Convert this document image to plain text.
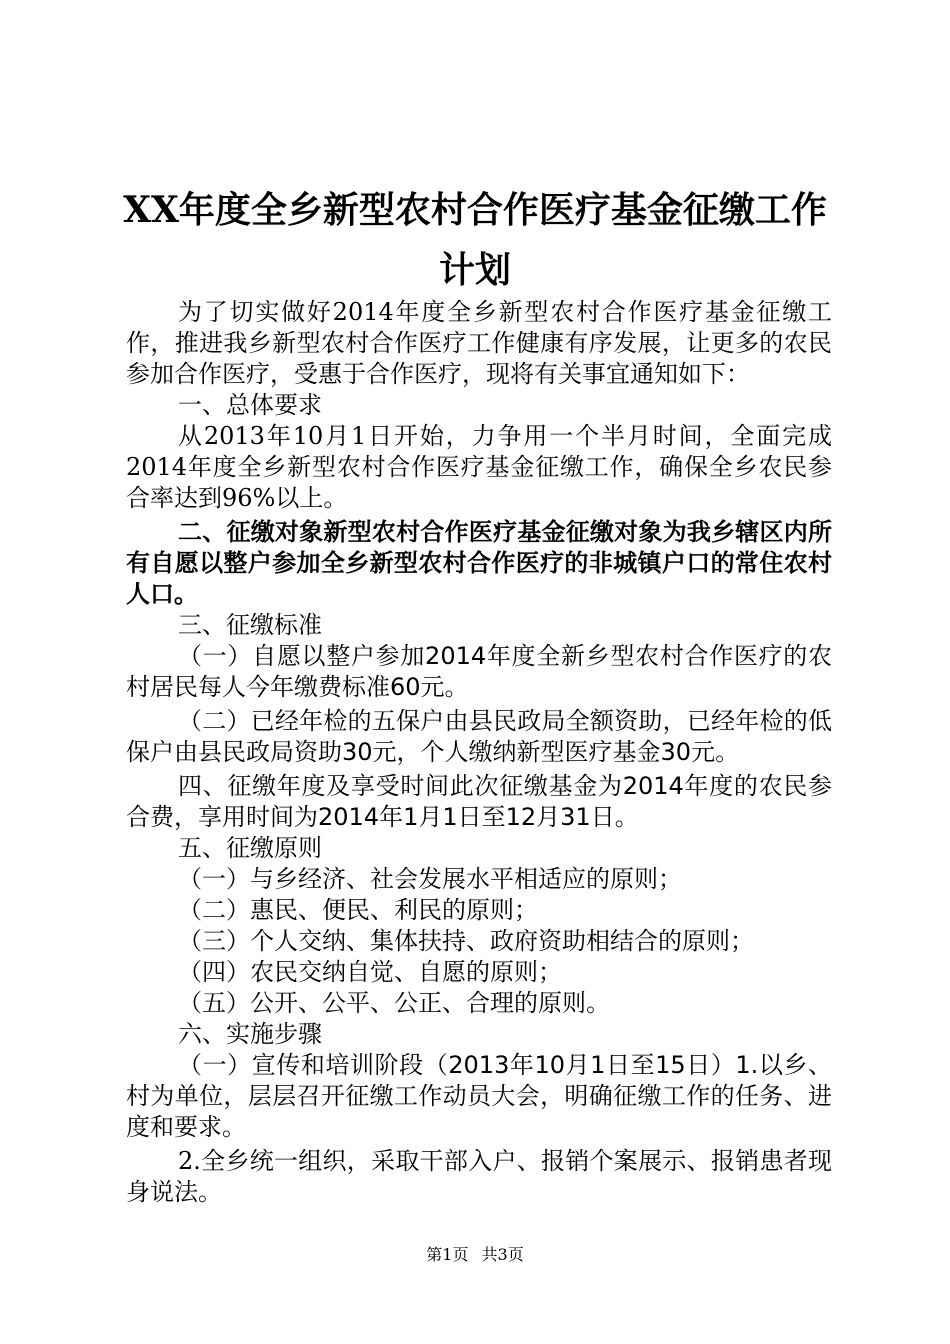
XX年度全乡新型农村合作医疗基金征缴工作
计划

为了切实做好2014年度全乡新型农村合作医疗基金征缴工作，推进我乡新型农村合作医疗工作健康有序发展，让更多的农民参加合作医疗，受惠于合作医疗，现将有关事宜通知如下：

一、总体要求

从2013年10月1日开始，力争用一个半月时间，全面完成2014年度全乡新型农村合作医疗基金征缴工作，确保全乡农民参合率达到96%以上。

二、征缴对象新型农村合作医疗基金征缴对象为我乡辖区内所有自愿以整户参加全乡新型农村合作医疗的非城镇户口的常住农村人口。

三、征缴标准

（一）自愿以整户参加2014年度全新乡型农村合作医疗的农村居民每人今年缴费标准60元。

（二）已经年检的五保户由县民政局全额资助，已经年检的低保户由县民政局资助30元，个人缴纳新型医疗基金30元。

四、征缴年度及享受时间此次征缴基金为2014年度的农民参合费，享用时间为2014年1月1日至12月31日。

五、征缴原则

（一）与乡经济、社会发展水平相适应的原则；

（二）惠民、便民、利民的原则；

（三）个人交纳、集体扶持、政府资助相结合的原则；

（四）农民交纳自觉、自愿的原则；

（五）公开、公平、公正、合理的原则。

六、实施步骤

（一）宣传和培训阶段（2013年10月1日至15日）1.以乡、村为单位，层层召开征缴工作动员大会，明确征缴工作的任务、进度和要求。

2.全乡统一组织，采取干部入户、报销个案展示、报销患者现身说法。

第1页 共3页
